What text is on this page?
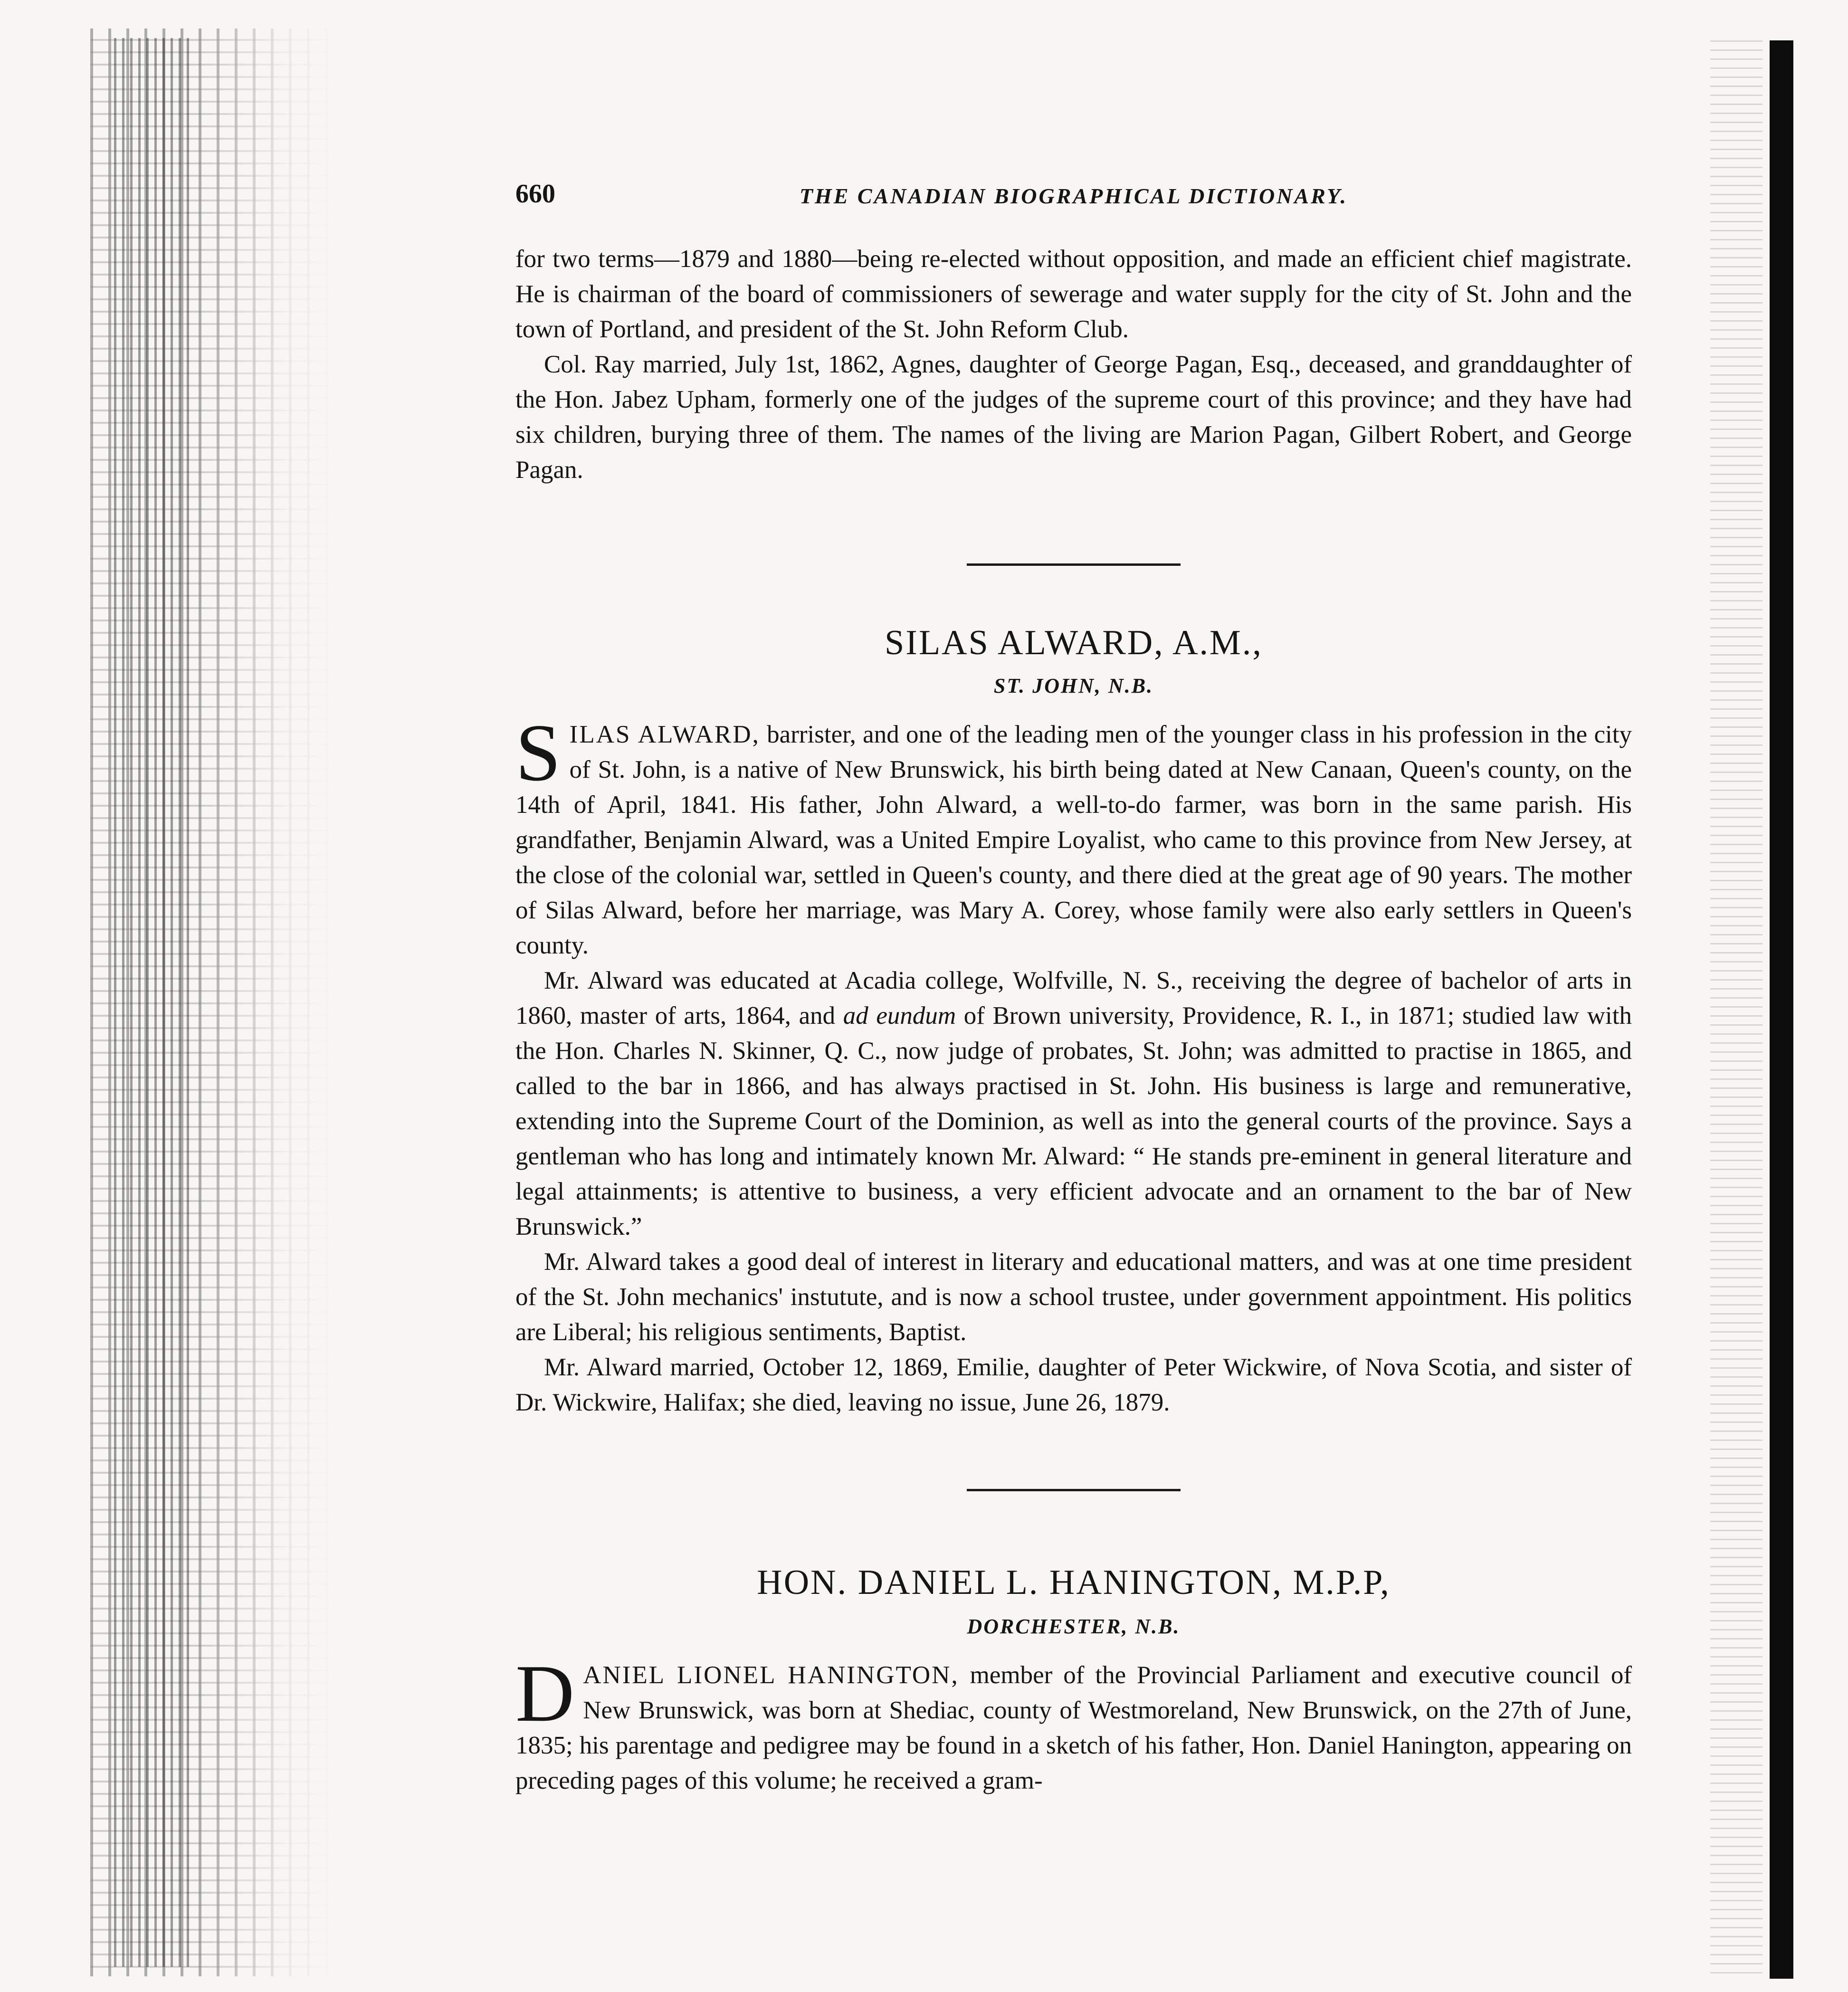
660	THE CANADIAN BIOGRAPHICAL DICTIONARY.

for two terms—1879 and 1880—being re-elected without opposition, and made an efficient chief magistrate. He is chairman of the board of commissioners of sewerage and water supply for the city of St. John and the town of Portland, and president of the St. John Reform Club.

Col. Ray married, July 1st, 1862, Agnes, daughter of George Pagan, Esq., deceased, and granddaughter of the Hon. Jabez Upham, formerly one of the judges of the supreme court of this province; and they have had six children, burying three of them. The names of the living are Marion Pagan, Gilbert Robert, and George Pagan.

SILAS ALWARD, A.M.,
ST. JOHN, N.B.

SILAS ALWARD, barrister, and one of the leading men of the younger class in his profession in the city of St. John, is a native of New Brunswick, his birth being dated at New Canaan, Queen's county, on the 14th of April, 1841. His father, John Alward, a well-to-do farmer, was born in the same parish. His grandfather, Benjamin Alward, was a United Empire Loyalist, who came to this province from New Jersey, at the close of the colonial war, settled in Queen's county, and there died at the great age of 90 years. The mother of Silas Alward, before her marriage, was Mary A. Corey, whose family were also early settlers in Queen's county.

Mr. Alward was educated at Acadia college, Wolfville, N. S., receiving the degree of bachelor of arts in 1860, master of arts, 1864, and ad eundum of Brown university, Providence, R. I., in 1871; studied law with the Hon. Charles N. Skinner, Q. C., now judge of probates, St. John; was admitted to practise in 1865, and called to the bar in 1866, and has always practised in St. John. His business is large and remunerative, extending into the Supreme Court of the Dominion, as well as into the general courts of the province. Says a gentleman who has long and intimately known Mr. Alward: “ He stands pre-eminent in general literature and legal attainments; is attentive to business, a very efficient advocate and an ornament to the bar of New Brunswick.”

Mr. Alward takes a good deal of interest in literary and educational matters, and was at one time president of the St. John mechanics' instutute, and is now a school trustee, under government appointment. His politics are Liberal; his religious sentiments, Baptist.

Mr. Alward married, October 12, 1869, Emilie, daughter of Peter Wickwire, of Nova Scotia, and sister of Dr. Wickwire, Halifax; she died, leaving no issue, June 26, 1879.

HON. DANIEL L. HANINGTON, M.P.P,
DORCHESTER, N.B.

DANIEL LIONEL HANINGTON, member of the Provincial Parliament and executive council of New Brunswick, was born at Shediac, county of Westmoreland, New Brunswick, on the 27th of June, 1835; his parentage and pedigree may be found in a sketch of his father, Hon. Daniel Hanington, appearing on preceding pages of this volume; he received a gram-
